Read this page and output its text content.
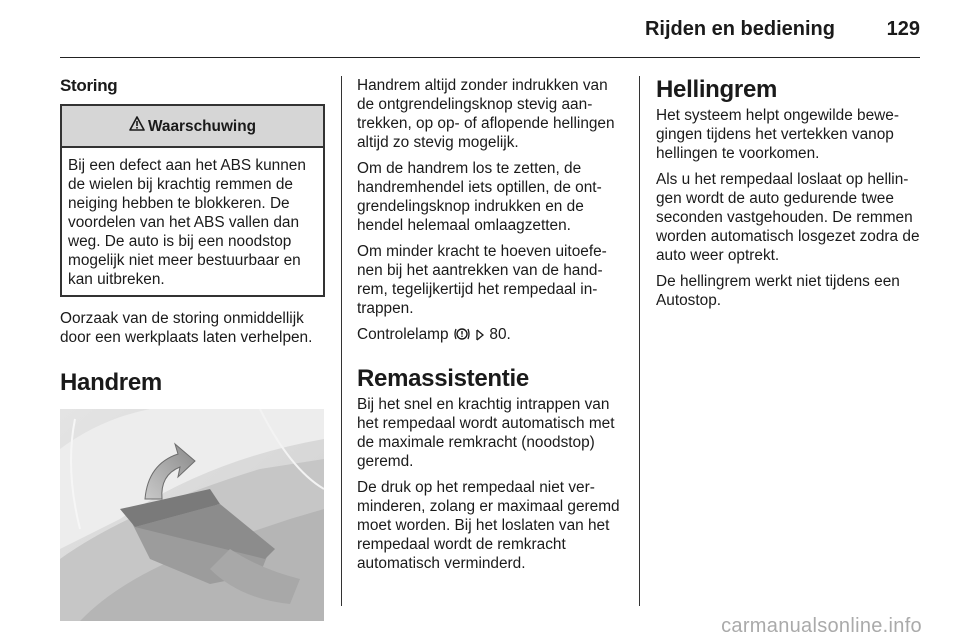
Rijden en bediening	129
Storing
Waarschuwing
Bij een defect aan het ABS kunnen de wielen bij krachtig remmen de neiging hebben te blokkeren. De voordelen van het ABS vallen dan weg. De auto is bij een noodstop mogelijk niet meer bestuurbaar en kan uitbreken.

Oorzaak van de storing onmiddellijk door een werkplaats laten verhelpen.

Handrem

Handrem altijd zonder indrukken van de ontgrendelingsknop stevig aantrekken, op op- of aflopende hellingen altijd zo stevig mogelijk.

Om de handrem los te zetten, de handremhendel iets optillen, de ontgrendelingsknop indrukken en de hendel helemaal omlaagzetten.

Om minder kracht te hoeven uitoefenen bij het aantrekken van de handrem, tegelijkertijd het rempedaal intrappen.

Controlelamp	80.

Remassistentie

Bij het snel en krachtig intrappen van het rempedaal wordt automatisch met de maximale remkracht (noodstop) geremd.

De druk op het rempedaal niet verminderen, zolang er maximaal geremd moet worden. Bij het loslaten van het rempedaal wordt de remkracht automatisch verminderd.

Hellingrem

Het systeem helpt ongewilde bewegingen tijdens het vertekken vanop hellingen te voorkomen.

Als u het rempedaal loslaat op hellingen wordt de auto gedurende twee seconden vastgehouden. De remmen worden automatisch losgezet zodra de auto weer optrekt.

De hellingrem werkt niet tijdens een Autostop.

carmanualsonline.info
